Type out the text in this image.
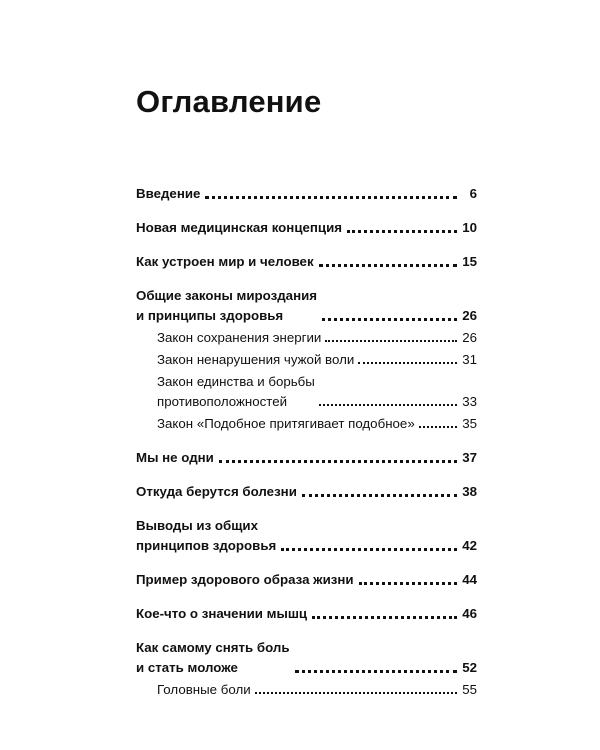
Оглавление
Введение	6
Новая медицинская концепция	10
Как устроен мир и человек	15
Общие законы мироздания
и принципы здоровья	26
Закон сохранения энергии	26
Закон ненарушения чужой воли	31
Закон единства и борьбы
противоположностей	33
Закон «Подобное притягивает подобное»	35
Мы не одни	37
Откуда берутся болезни	38
Выводы из общих
принципов здоровья	42
Пример здорового образа жизни	44
Кое-что о значении мышц	46
Как самому снять боль
и стать моложе	52
Головные боли	55
